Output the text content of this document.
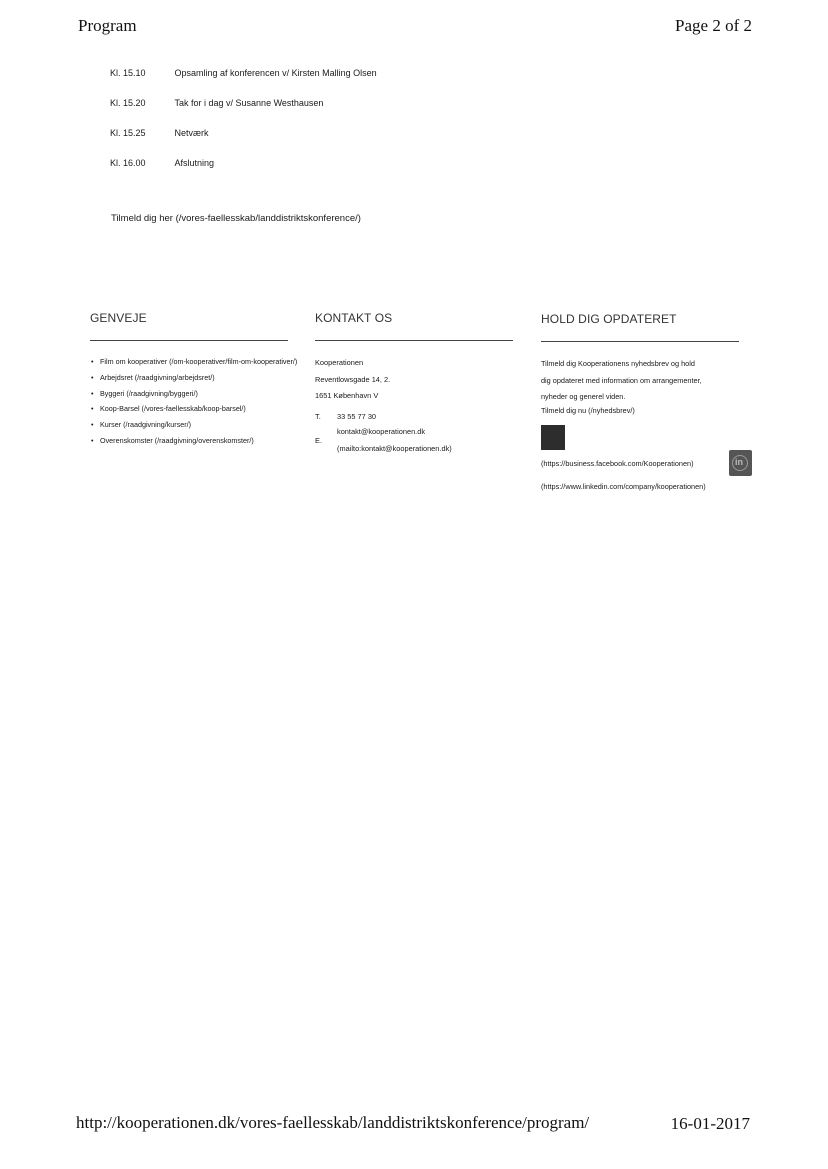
Program	Page 2 of 2
Kl. 15.10	Opsamling af konferencen v/ Kirsten Malling Olsen
Kl. 15.20	Tak for i dag v/ Susanne Westhausen
Kl. 15.25	Netværk
Kl. 16.00	Afslutning
Tilmeld dig her (/vores-faellesskab/landdistriktskonference/)
GENVEJE
• Film om kooperativer (/om-kooperativer/film-om-kooperativer/)
• Arbejdsret (/raadgivning/arbejdsret/)
• Byggeri (/raadgivning/byggeri/)
• Koop-Barsel (/vores-faellesskab/koop-barsel/)
• Kurser (/raadgivning/kurser/)
• Overenskomster (/raadgivning/overenskomster/)
KONTAKT OS
Kooperationen
Reventlowsgade 14, 2.
1651 København V
T. 33 55 77 30
E.
kontakt@kooperationen.dk
(mailto:kontakt@kooperationen.dk)
HOLD DIG OPDATERET
Tilmeld dig Kooperationens nyhedsbrev og hold
dig opdateret med information om arrangementer,
nyheder og generel viden.
Tilmeld dig nu (/nyhedsbrev/)
(https://business.facebook.com/Kooperationen)	in
(https://www.linkedin.com/company/kooperationen)
http://kooperationen.dk/vores-faellesskab/landdistriktskonference/program/	16-01-2017
